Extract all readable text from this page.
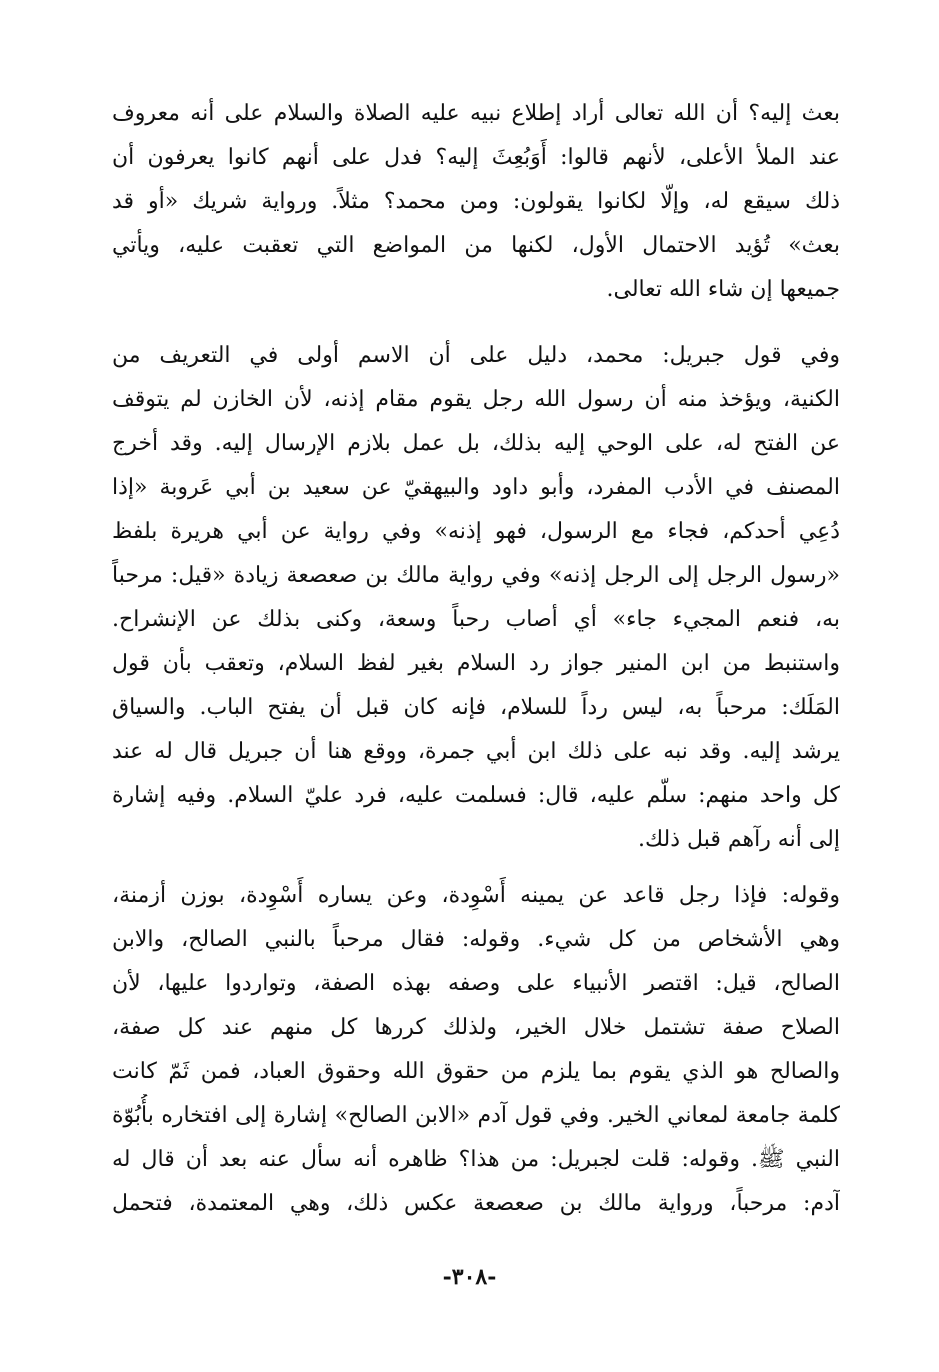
بعث إليه؟ أن الله تعالى أراد إطلاع نبيه عليه الصلاة والسلام على أنه معروف
عند الملأ الأعلى، لأنهم قالوا: أَوَبُعِثَ إليه؟ فدل على أنهم كانوا يعرفون أن
ذلك سيقع له، وإلّا لكانوا يقولون: ومن محمد؟ مثلاً. ورواية شريك «أو قد
بعث» تُؤيد الاحتمال الأول، لكنها من المواضع التي تعقبت عليه، ويأتي
جميعها إن شاء الله تعالى.
وفي قول جبريل: محمد، دليل على أن الاسم أولى في التعريف من
الكنية، ويؤخذ منه أن رسول الله رجل يقوم مقام إذنه، لأن الخازن لم يتوقف
عن الفتح له، على الوحي إليه بذلك، بل عمل بلازم الإرسال إليه. وقد أخرج
المصنف في الأدب المفرد، وأبو داود والبيهقيّ عن سعيد بن أبي عَروبة «إذا
دُعِي أحدكم، فجاء مع الرسول، فهو إذنه» وفي رواية عن أبي هريرة بلفظ
«رسول الرجل إلى الرجل إذنه» وفي رواية مالك بن صعصعة زيادة «قيل: مرحباً
به، فنعم المجيء جاء» أي أصاب رحباً وسعة، وكنى بذلك عن الإنشراح.
واستنبط من ابن المنير جواز رد السلام بغير لفظ السلام، وتعقب بأن قول
المَلَك: مرحباً به، ليس رداً للسلام، فإنه كان قبل أن يفتح الباب. والسياق
يرشد إليه. وقد نبه على ذلك ابن أبي جمرة، ووقع هنا أن جبريل قال له عند
كل واحد منهم: سلّم عليه، قال: فسلمت عليه، فرد عليّ السلام. وفيه إشارة
إلى أنه رآهم قبل ذلك.
وقوله: فإذا رجل قاعد عن يمينه أَسْوِدة، وعن يساره أَسْوِدة، بوزن أزمنة،
وهي الأشخاص من كل شيء. وقوله: فقال مرحباً بالنبي الصالح، والابن
الصالح، قيل: اقتصر الأنبياء على وصفه بهذه الصفة، وتواردوا عليها، لأن
الصلاح صفة تشتمل خلال الخير، ولذلك كررها كل منهم عند كل صفة،
والصالح هو الذي يقوم بما يلزم من حقوق الله وحقوق العباد، فمن ثَمّ كانت
كلمة جامعة لمعاني الخير. وفي قول آدم «الابن الصالح» إشارة إلى افتخاره بأُبُوّة
النبي ﷺ. وقوله: قلت لجبريل: من هذا؟ ظاهره أنه سأل عنه بعد أن قال له
آدم: مرحباً، ورواية مالك بن صعصعة عكس ذلك، وهي المعتمدة، فتحمل
-٣٠٨-
